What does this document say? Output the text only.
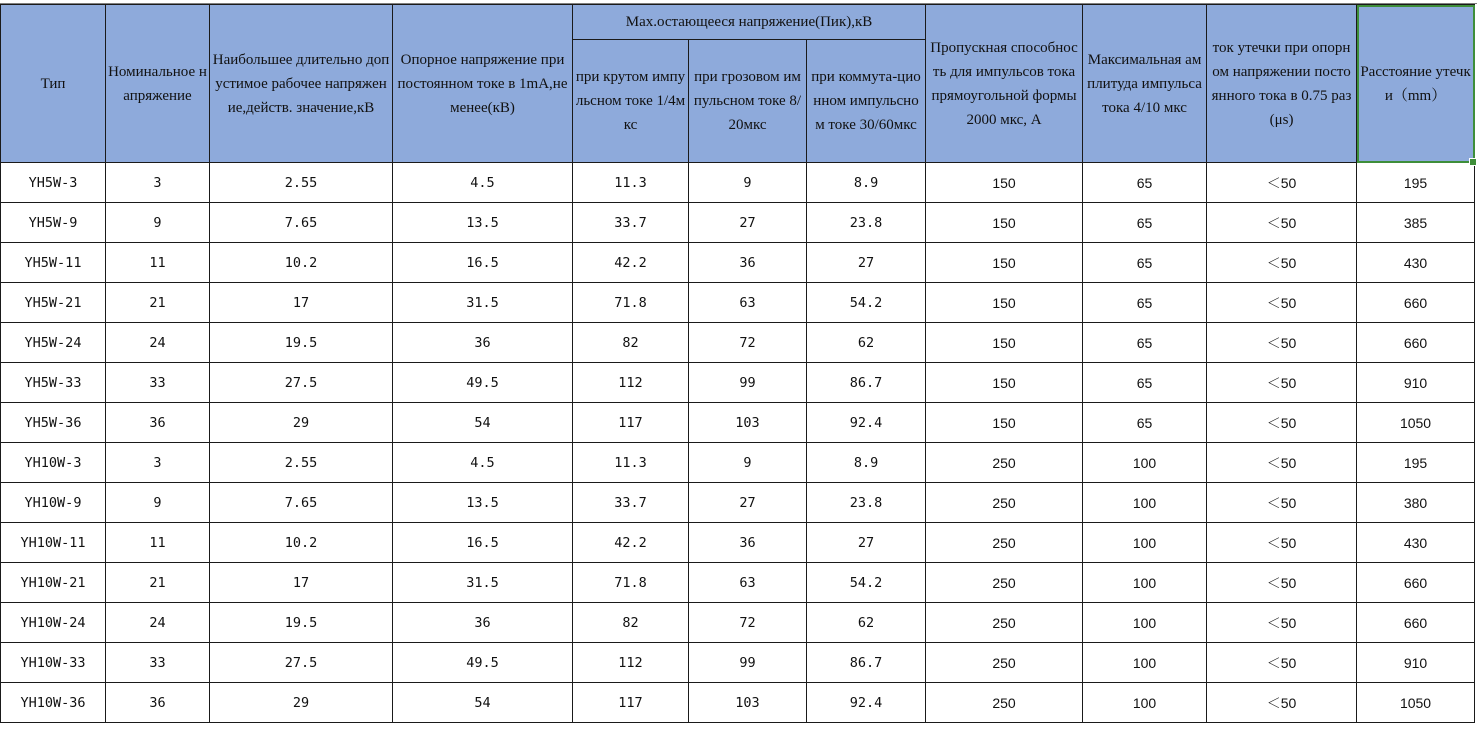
Тип	Номинальное напряжение	Наибольшее длительно допустимое рабочее напряжение,действ. значение,кВ	Опорное напряжение при постоянном токе в 1mA,не менее(кВ)	Max.остающееся напряжение(Пик),кВ			Пропускная способность для импульсов тока прямоугольной формы 2000 мкс, А	Максимальная амплитуда импульса тока 4/10 мкс	ток утечки при опорном напряжении постоянного тока в 0.75 раз(μs)	Расстояние утечки（mm）
				при крутом импульсном токе 1/4мкс	при грозовом импульсном токе 8/20мкс	при коммута-ционном импульсном токе 30/60мкс				
YH5W-3	3	2.55	4.5	11.3	9	8.9	150	65	＜50	195
YH5W-9	9	7.65	13.5	33.7	27	23.8	150	65	＜50	385
YH5W-11	11	10.2	16.5	42.2	36	27	150	65	＜50	430
YH5W-21	21	17	31.5	71.8	63	54.2	150	65	＜50	660
YH5W-24	24	19.5	36	82	72	62	150	65	＜50	660
YH5W-33	33	27.5	49.5	112	99	86.7	150	65	＜50	910
YH5W-36	36	29	54	117	103	92.4	150	65	＜50	1050
YH10W-3	3	2.55	4.5	11.3	9	8.9	250	100	＜50	195
YH10W-9	9	7.65	13.5	33.7	27	23.8	250	100	＜50	380
YH10W-11	11	10.2	16.5	42.2	36	27	250	100	＜50	430
YH10W-21	21	17	31.5	71.8	63	54.2	250	100	＜50	660
YH10W-24	24	19.5	36	82	72	62	250	100	＜50	660
YH10W-33	33	27.5	49.5	112	99	86.7	250	100	＜50	910
YH10W-36	36	29	54	117	103	92.4	250	100	＜50	1050
